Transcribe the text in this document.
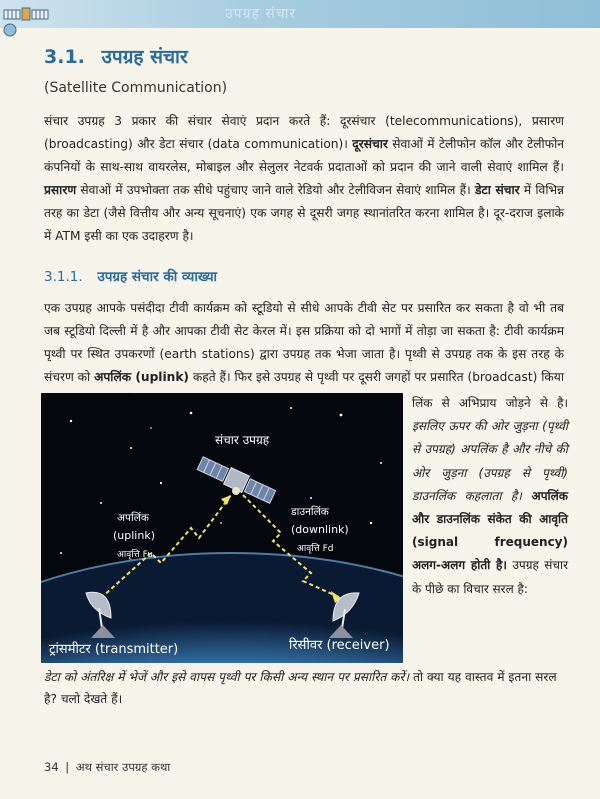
उपग्रह संचार
3.1. उपग्रह संचार
(Satellite Communication)

संचार उपग्रह 3 प्रकार की संचार सेवाएं प्रदान करते हैं: दूरसंचार (telecommunications), प्रसारण (broadcasting) और डेटा संचार (data communication)। दूरसंचार सेवाओं में टेलीफोन कॉल और टेलीफोन कंपनियों के साथ-साथ वायरलेस, मोबाइल और सेलुलर नेटवर्क प्रदाताओं को प्रदान की जाने वाली सेवाएं शामिल हैं। प्रसारण सेवाओं में उपभोक्ता तक सीधे पहुंचाए जाने वाले रेडियो और टेलीविजन सेवाएं शामिल हैं। डेटा संचार में विभिन्न तरह का डेटा (जैसे वित्तीय और अन्य सूचनाएं) एक जगह से दूसरी जगह स्थानांतरित करना शामिल है। दूर-दराज इलाके में ATM इसी का एक उदाहरण है।

3.1.1. उपग्रह संचार की व्याख्या

एक उपग्रह आपके पसंदीदा टीवी कार्यक्रम को स्टूडियो से सीधे आपके टीवी सेट पर प्रसारित कर सकता है वो भी तब जब स्टूडियो दिल्ली में है और आपका टीवी सेट केरल में। इस प्रक्रिया को दो भागों में तोड़ा जा सकता है: टीवी कार्यक्रम पृथ्वी पर स्थित उपकरणों (earth stations) द्वारा उपग्रह तक भेजा जाता है। पृथ्वी से उपग्रह तक के इस तरह के संचरण को अपलिंक (uplink) कहते हैं। फिर इसे उपग्रह से पृथ्वी पर दूसरी जगहों पर प्रसारित (broadcast) किया

संचार उपग्रह
अपलिंक
(uplink)
आवृत्ति Fu
डाउनलिंक
(downlink)
आवृत्ति Fd
ट्रांसमीटर (transmitter)	रिसीवर (receiver)

लिंक से अभिप्राय जोड़ने से है। इसलिए ऊपर की ओर जुड़ना (पृथ्वी से उपग्रह) अपलिंक है और नीचे की ओर जुड़ना (उपग्रह से पृथ्वी) डाउनलिंक कहलाता है। अपलिंक और डाउनलिंक संकेत की आवृति (signal frequency) अलग-अलग होती है। उपग्रह संचार के पीछे का विचार सरल है:

डेटा को अंतरिक्ष में भेजें और इसे वापस पृथ्वी पर किसी अन्य स्थान पर प्रसारित करें। तो क्या यह वास्तव में इतना सरल है? चलो देखते हैं।

34 | अथ संचार उपग्रह कथा
